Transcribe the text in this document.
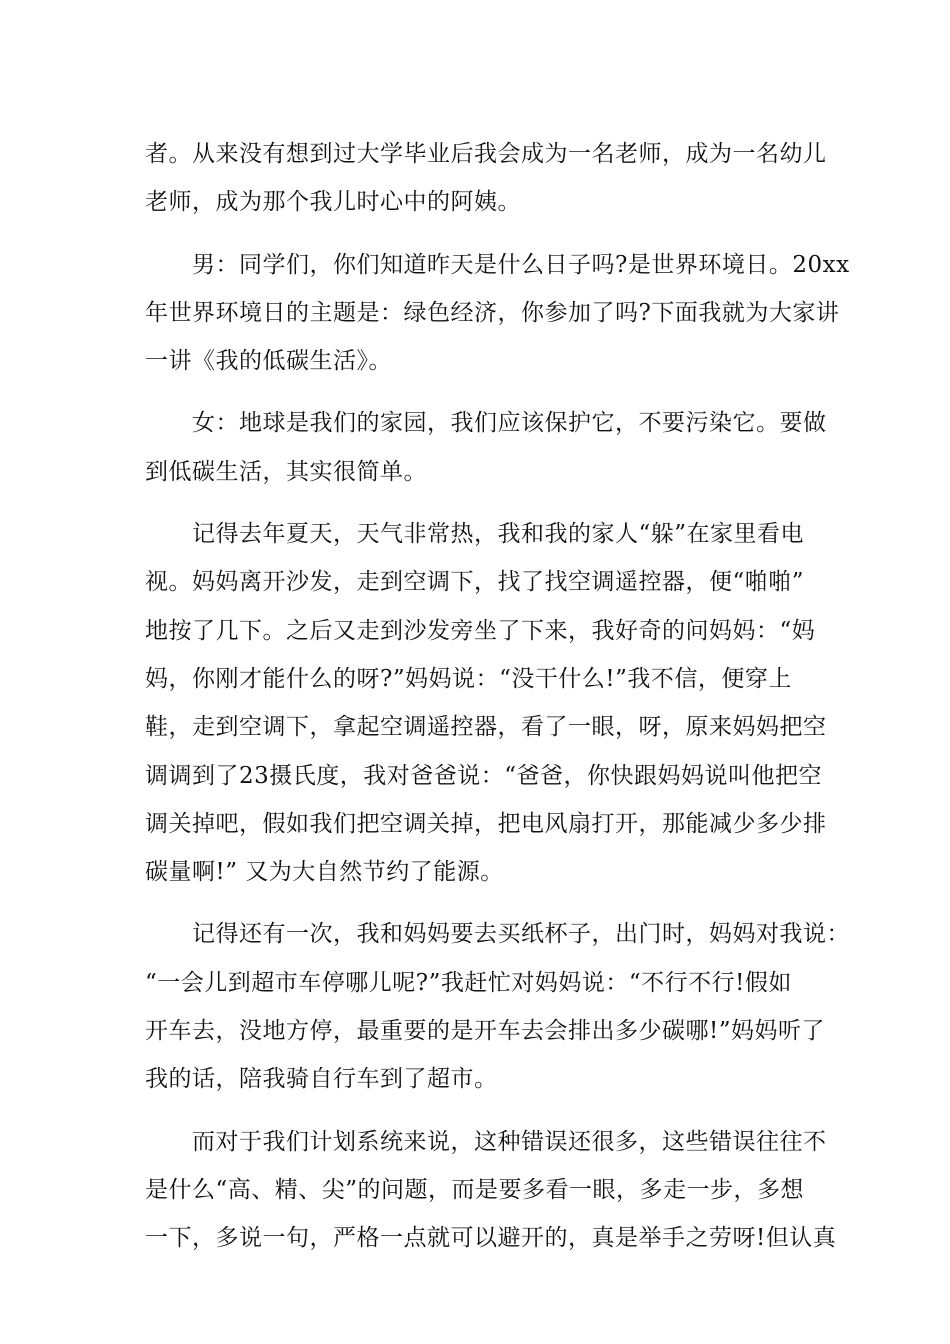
者。从来没有想到过大学毕业后我会成为一名老师，成为一名幼儿
老师，成为那个我儿时心中的阿姨。
　　男：同学们，你们知道昨天是什么日子吗?是世界环境日。20xx
年世界环境日的主题是：绿色经济，你参加了吗?下面我就为大家讲
一讲《我的低碳生活》。
　　女：地球是我们的家园，我们应该保护它，不要污染它。要做
到低碳生活，其实很简单。
　　记得去年夏天，天气非常热，我和我的家人“躲”在家里看电
视。妈妈离开沙发，走到空调下，找了找空调遥控器，便“啪啪”
地按了几下。之后又走到沙发旁坐了下来，我好奇的问妈妈：“妈
妈，你刚才能什么的呀?”妈妈说：“没干什么!”我不信，便穿上
鞋，走到空调下，拿起空调遥控器，看了一眼，呀，原来妈妈把空
调调到了23摄氏度，我对爸爸说：“爸爸，你快跟妈妈说叫他把空
调关掉吧，假如我们把空调关掉，把电风扇打开，那能减少多少排
碳量啊!” 又为大自然节约了能源。
　　记得还有一次，我和妈妈要去买纸杯子，出门时，妈妈对我说：
“一会儿到超市车停哪儿呢?”我赶忙对妈妈说：“不行不行!假如
开车去，没地方停，最重要的是开车去会排出多少碳哪!”妈妈听了
我的话，陪我骑自行车到了超市。
　　而对于我们计划系统来说，这种错误还很多，这些错误往往不
是什么“高、精、尖”的问题，而是要多看一眼，多走一步，多想
一下，多说一句，严格一点就可以避开的，真是举手之劳呀!但认真
